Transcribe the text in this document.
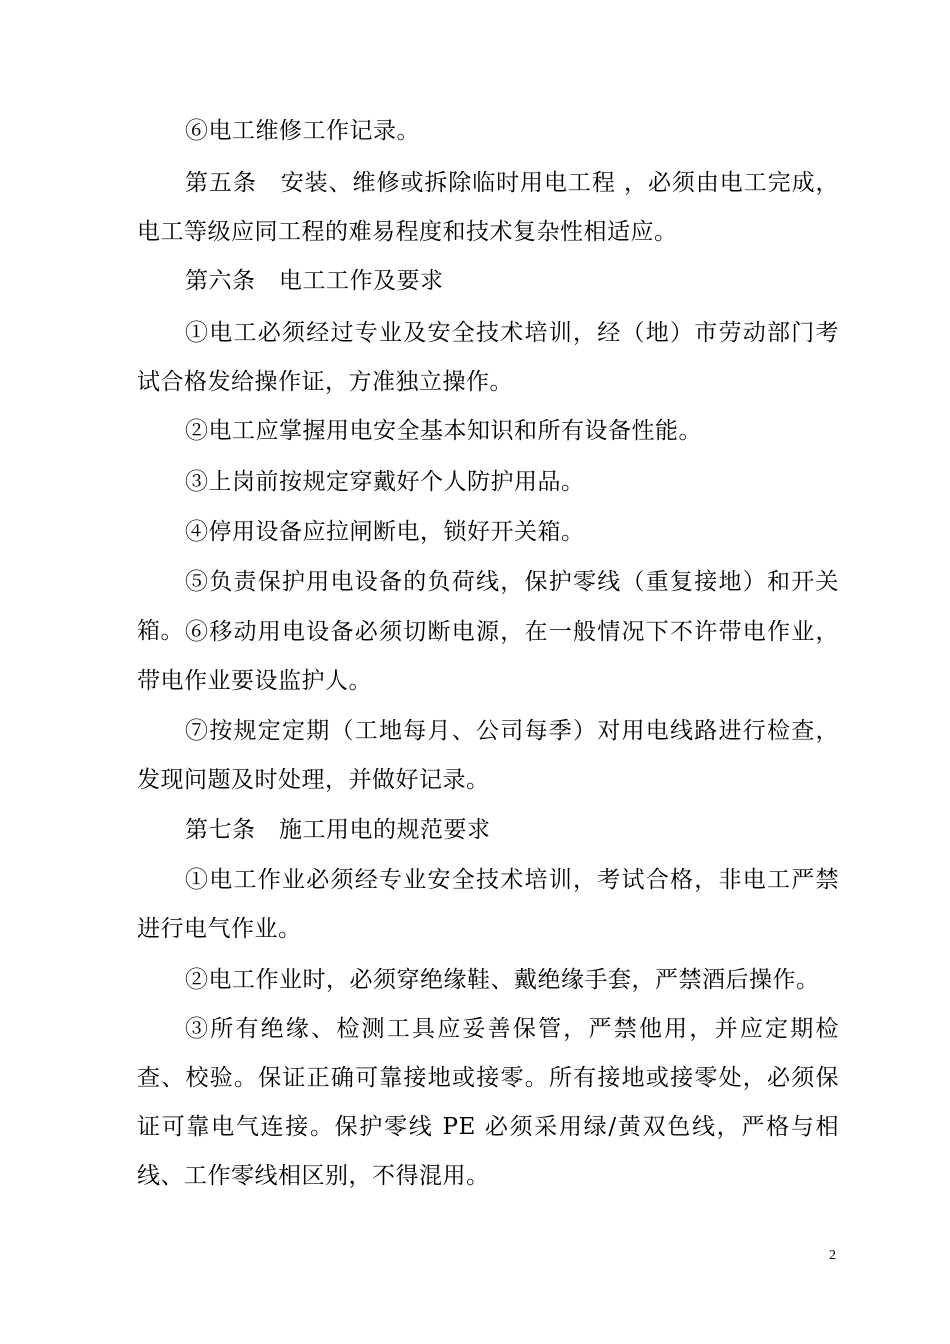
⑥电工维修工作记录。

第五条　安装、维修或拆除临时用电工程 ，必须由电工完成，电工等级应同工程的难易程度和技术复杂性相适应。

第六条　电工工作及要求

①电工必须经过专业及安全技术培训，经（地）市劳动部门考试合格发给操作证，方准独立操作。

②电工应掌握用电安全基本知识和所有设备性能。

③上岗前按规定穿戴好个人防护用品。

④停用设备应拉闸断电，锁好开关箱。

⑤负责保护用电设备的负荷线，保护零线（重复接地）和开关箱。 ⑥移动用电设备必须切断电源，在一般情况下不许带电作业，带电作业要设监护人。

⑦按规定定期（工地每月、公司每季）对用电线路进行检查，发现问题及时处理，并做好记录。

第七条　施工用电的规范要求

①电工作业必须经专业安全技术培训，考试合格，非电工严禁进行电气作业。

②电工作业时，必须穿绝缘鞋、戴绝缘手套，严禁酒后操作。

③所有绝缘、检测工具应妥善保管，严禁他用，并应定期检查、校验。保证正确可靠接地或接零。所有接地或接零处，必须保证可靠电气连接。保护零线 PE 必须采用绿/黄双色线，严格与相线、工作零线相区别，不得混用。

2
